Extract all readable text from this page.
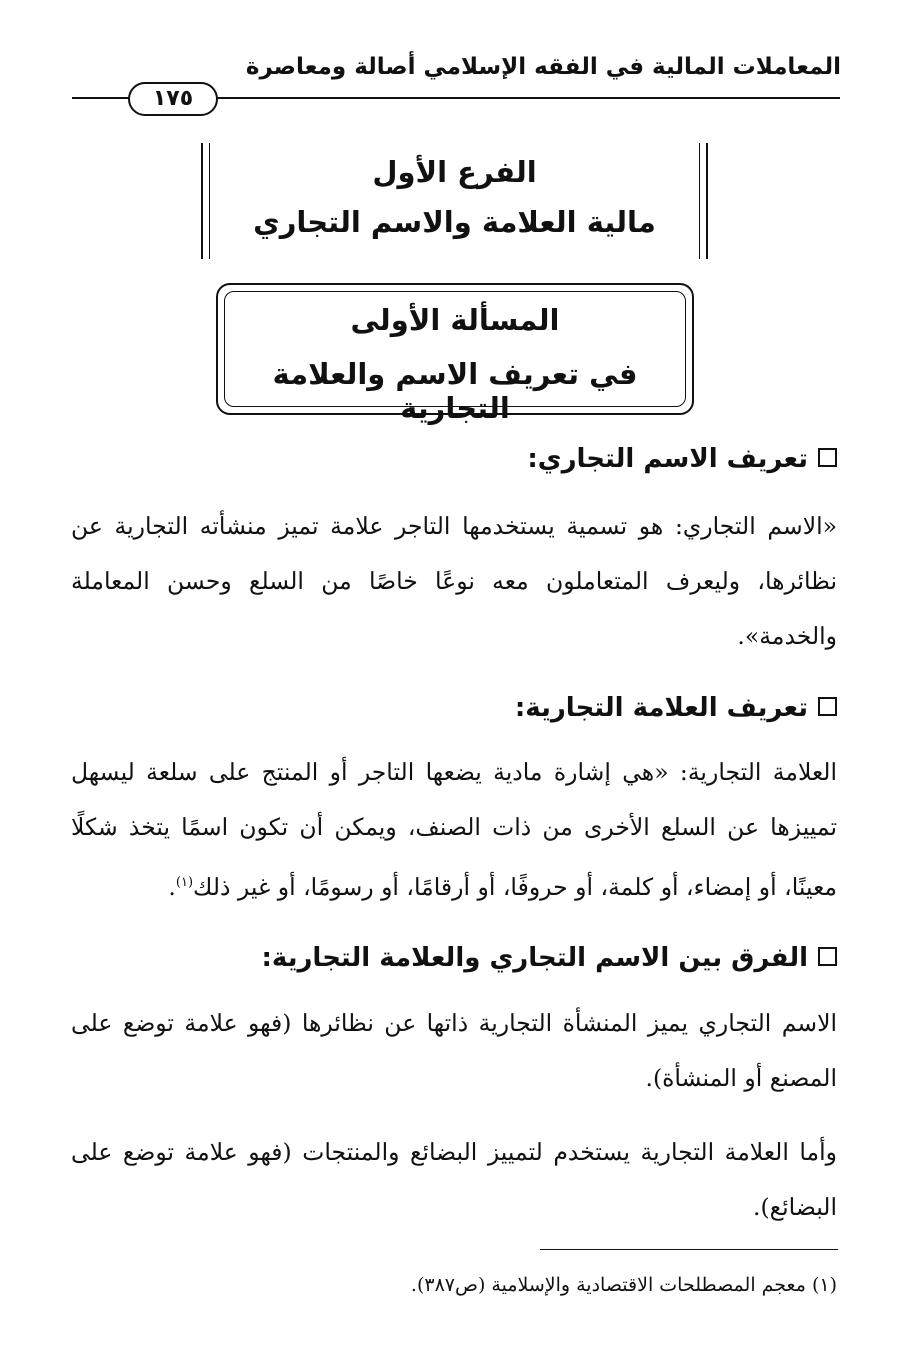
المعاملات المالية في الفقه الإسلامي أصالة ومعاصرة
١٧٥
الفرع الأول
مالية العلامة والاسم التجاري
المسألة الأولى
في تعريف الاسم والعلامة التجارية
تعريف الاسم التجاري:
«الاسم التجاري: هو تسمية يستخدمها التاجر علامة تميز منشأته التجارية عن نظائرها، وليعرف المتعاملون معه نوعًا خاصًا من السلع وحسن المعاملة والخدمة».
تعريف العلامة التجارية:
العلامة التجارية: «هي إشارة مادية يضعها التاجر أو المنتج على سلعة ليسهل تمييزها عن السلع الأخرى من ذات الصنف، ويمكن أن تكون اسمًا يتخذ شكلًا معينًا، أو إمضاء، أو كلمة، أو حروفًا، أو أرقامًا، أو رسومًا، أو غير ذلك$^{(١)}$.
الفرق بين الاسم التجاري والعلامة التجارية:
الاسم التجاري يميز المنشأة التجارية ذاتها عن نظائرها (فهو علامة توضع على المصنع أو المنشأة).
وأما العلامة التجارية يستخدم لتمييز البضائع والمنتجات (فهو علامة توضع على البضائع).
(١) معجم المصطلحات الاقتصادية والإسلامية (ص٣٨٧).
